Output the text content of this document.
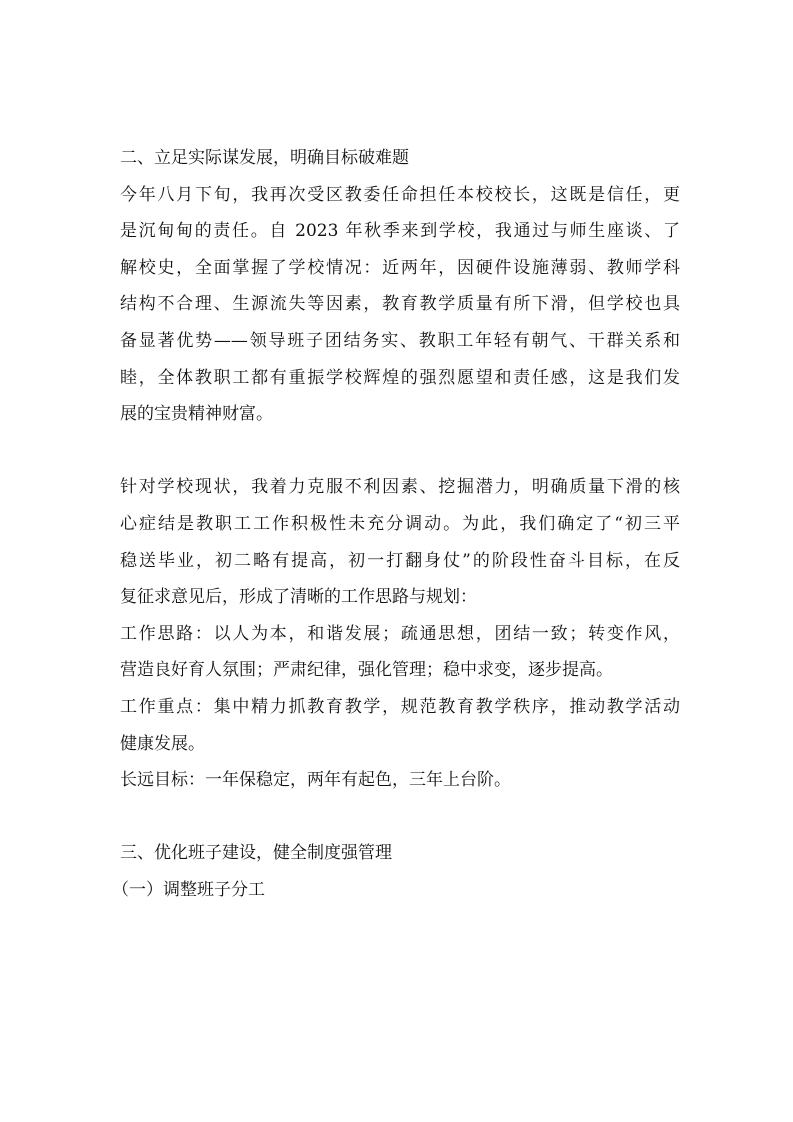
二、立足实际谋发展，明确目标破难题
今年八月下旬，我再次受区教委任命担任本校校长，这既是信任，更
是沉甸甸的责任。自 2023 年秋季来到学校，我通过与师生座谈、了
解校史，全面掌握了学校情况：近两年，因硬件设施薄弱、教师学科
结构不合理、生源流失等因素，教育教学质量有所下滑，但学校也具
备显著优势——领导班子团结务实、教职工年轻有朝气、干群关系和
睦，全体教职工都有重振学校辉煌的强烈愿望和责任感，这是我们发
展的宝贵精神财富。
针对学校现状，我着力克服不利因素、挖掘潜力，明确质量下滑的核
心症结是教职工工作积极性未充分调动。为此，我们确定了“初三平
稳送毕业，初二略有提高，初一打翻身仗”的阶段性奋斗目标，在反
复征求意见后，形成了清晰的工作思路与规划：
工作思路：以人为本，和谐发展；疏通思想，团结一致；转变作风，
营造良好育人氛围；严肃纪律，强化管理；稳中求变，逐步提高。
工作重点：集中精力抓教育教学，规范教育教学秩序，推动教学活动
健康发展。
长远目标：一年保稳定，两年有起色，三年上台阶。
三、优化班子建设，健全制度强管理
（一）调整班子分工
